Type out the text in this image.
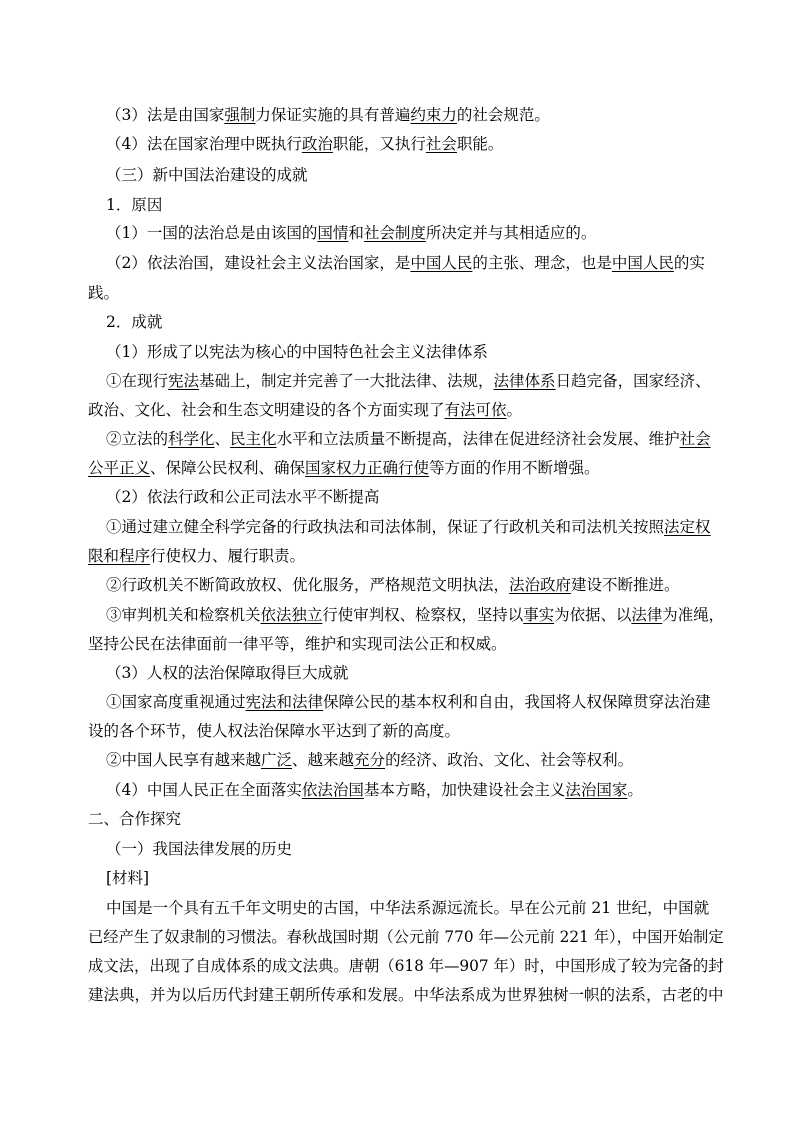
（3）法是由国家强制力保证实施的具有普遍约束力的社会规范。
（4）法在国家治理中既执行政治职能，又执行社会职能。
（三）新中国法治建设的成就
1．原因
（1）一国的法治总是由该国的国情和社会制度所决定并与其相适应的。
（2）依法治国，建设社会主义法治国家，是中国人民的主张、理念，也是中国人民的实
践。
2．成就
（1）形成了以宪法为核心的中国特色社会主义法律体系
①在现行宪法基础上，制定并完善了一大批法律、法规，法律体系日趋完备，国家经济、
政治、文化、社会和生态文明建设的各个方面实现了有法可依。
②立法的科学化、民主化水平和立法质量不断提高，法律在促进经济社会发展、维护社会
公平正义、保障公民权利、确保国家权力正确行使等方面的作用不断增强。
（2）依法行政和公正司法水平不断提高
①通过建立健全科学完备的行政执法和司法体制，保证了行政机关和司法机关按照法定权
限和程序行使权力、履行职责。
②行政机关不断简政放权、优化服务，严格规范文明执法，法治政府建设不断推进。
③审判机关和检察机关依法独立行使审判权、检察权，坚持以事实为依据、以法律为准绳，
坚持公民在法律面前一律平等，维护和实现司法公正和权威。
（3）人权的法治保障取得巨大成就
①国家高度重视通过宪法和法律保障公民的基本权利和自由，我国将人权保障贯穿法治建
设的各个环节，使人权法治保障水平达到了新的高度。
②中国人民享有越来越广泛、越来越充分的经济、政治、文化、社会等权利。
（4）中国人民正在全面落实依法治国基本方略，加快建设社会主义法治国家。
二、合作探究
（一）我国法律发展的历史
[材料]
中国是一个具有五千年文明史的古国，中华法系源远流长。早在公元前 21 世纪，中国就
已经产生了奴隶制的习惯法。春秋战国时期（公元前 770 年—公元前 221 年），中国开始制定
成文法，出现了自成体系的成文法典。唐朝（618 年—907 年）时，中国形成了较为完备的封
建法典，并为以后历代封建王朝所传承和发展。中华法系成为世界独树一帜的法系，古老的中
